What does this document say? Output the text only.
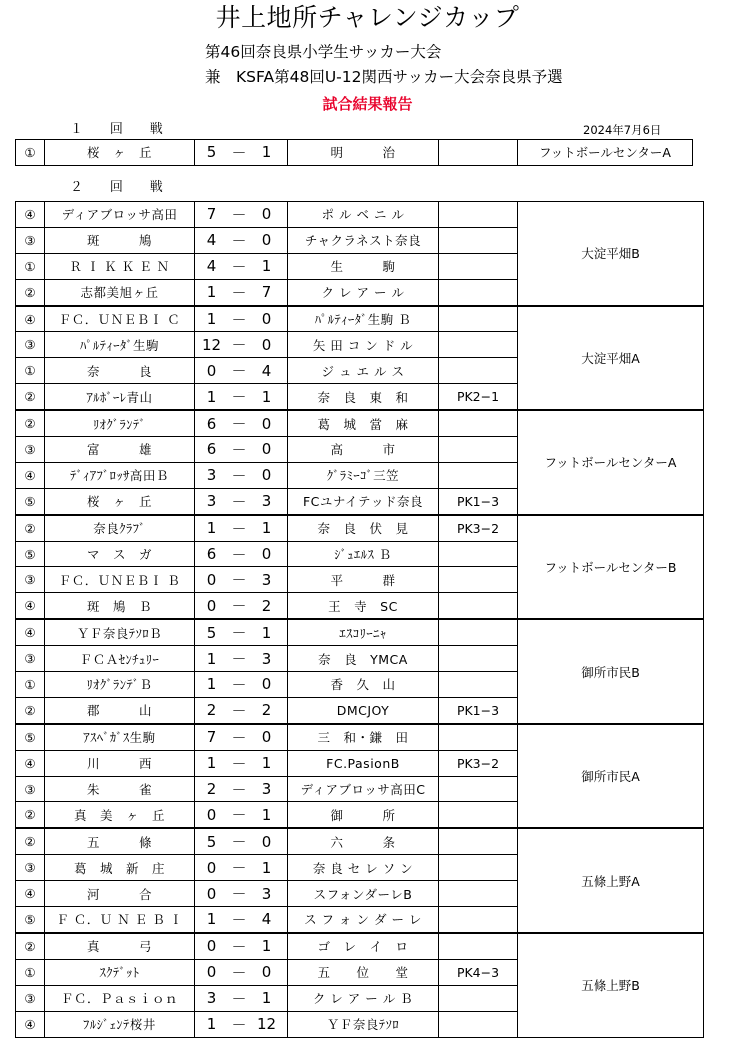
井上地所チャレンジカップ
第46回奈良県小学生サッカー大会
兼　KSFA第48回U-12関西サッカー大会奈良県予選
試合結果報告
１　　回　　戦	2024年7月6日
①	桜　ヶ　丘	5	－	1	明　　　治		フットボールセンターA
２　　回　　戦
④	ディアブロッサ高田	7 － 0	ポ ル ベ ニ ル		大淀平畑B
③	斑　　　鳩	4 － 0	チャクラネスト奈良		
①	Ｒ Ｉ Ｋ Ｋ Ｅ Ｎ	4 － 1	生　　　駒		
②	志都美旭ヶ丘	1 － 7	ク レ ア ー ル		
④	ＦＣ．ＵＮＥＢＩ Ｃ	1 － 0	ﾊﾟﾙﾃｨｰﾀﾞ生駒 Ｂ		大淀平畑A
③	ﾊﾟﾙﾃｨｰﾀﾞ生駒	12 － 0	矢 田 コ ン ド ル		
①	奈　　　良	0 － 4	ジ ュ エ ル ス		
②	ｱﾙﾎﾞｰﾚ青山	1 － 1	奈　良　東　和	PK2−1	
②	ﾘｵｸﾞﾗﾝﾃﾞ	6 － 0	葛　城　當　麻		フットボールセンターA
③	富　　　雄	6 － 0	高　　　市		
④	ﾃﾞｨｱﾌﾞﾛｯｻ高田Ｂ	3 － 0	ｸﾞﾗﾐｰｺﾞ三笠		
⑤	桜　ヶ　丘	3 － 3	FCユナイテッド奈良	PK1−3	
②	奈良ｸﾗﾌﾞ	1 － 1	奈　良　伏　見	PK3−2	フットボールセンターB
⑤	マ　ス　ガ	6 － 0	ｼﾞｭｴﾙｽ Ｂ		
③	ＦＣ．ＵＮＥＢＩ Ｂ	0 － 3	平　　　群		
④	斑　鳩　Ｂ	0 － 2	王　寺　SC		
④	ＹＦ奈良ﾃｿﾛＢ	5 － 1	ｴｽｺﾘｰﾆｬ		御所市民B
③	ＦＣＡｾﾝﾁｭﾘｰ	1 － 3	奈　良　YMCA		
①	ﾘｵｸﾞﾗﾝﾃﾞＢ	1 － 0	香　久　山		
②	郡　　　山	2 － 2	DMCJOY	PK1−3	
⑤	ｱｽﾍﾞｶﾞｽ生駒	7 － 0	三　和・鎌　田		御所市民A
④	川　　　西	1 － 1	FC.PasionB	PK3−2	
③	朱　　　雀	2 － 3	ディアブロッサ高田C		
②	真　美　ヶ　丘	0 － 1	御　　　所		
②	五　　　條	5 － 0	六　　　条		五條上野A
③	葛　城　新　庄	0 － 1	奈 良 セ レ ソ ン		
④	河　　　合	0 － 3	スフォンダーレB		
⑤	Ｆ Ｃ．Ｕ Ｎ Ｅ Ｂ Ｉ	1 － 4	ス フ ォ ン ダ ー レ		
②	真　　　弓	0 － 1	ゴ　レ　イ　ロ		五條上野B
①	ｽｸﾃﾞｯﾄ	0 － 0	五　　位　　堂	PK4−3	
③	ＦＣ．Ｐａｓｉｏｎ	3 － 1	ク レ ア ー ル Ｂ		
④	ﾌﾙｼﾞｪﾝﾃ桜井	1 － 12	ＹＦ奈良ﾃｿﾛ		
